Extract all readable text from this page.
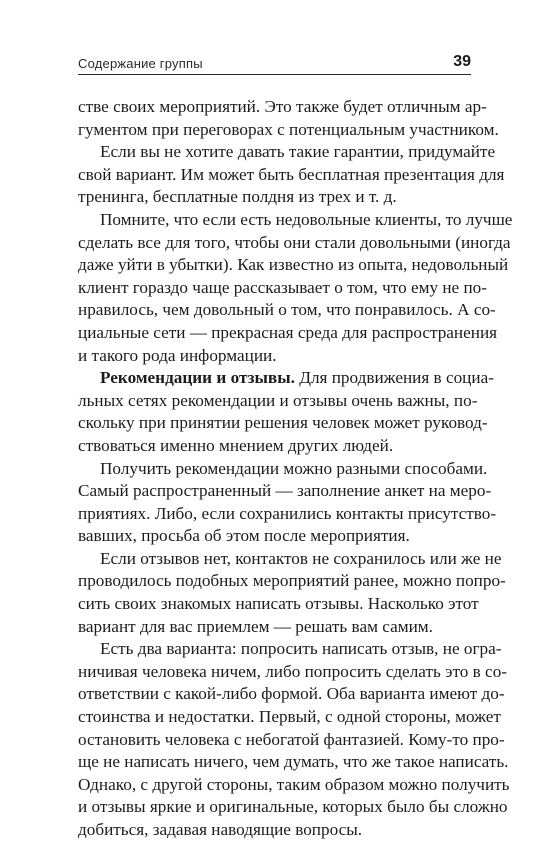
Содержание группы	39
стве своих мероприятий. Это также будет отличным ар-
гументом при переговорах с потенциальным участником.
Если вы не хотите давать такие гарантии, придумайте
свой вариант. Им может быть бесплатная презентация для
тренинга, бесплатные полдня из трех и т. д.
Помните, что если есть недовольные клиенты, то лучше
сделать все для того, чтобы они стали довольными (иногда
даже уйти в убытки). Как известно из опыта, недовольный
клиент гораздо чаще рассказывает о том, что ему не по-
нравилось, чем довольный о том, что понравилось. А со-
циальные сети — прекрасная среда для распространения
и такого рода информации.
Рекомендации и отзывы. Для продвижения в социа-
льных сетях рекомендации и отзывы очень важны, по-
скольку при принятии решения человек может руковод-
ствоваться именно мнением других людей.
Получить рекомендации можно разными способами.
Самый распространенный — заполнение анкет на меро-
приятиях. Либо, если сохранились контакты присутство-
вавших, просьба об этом после мероприятия.
Если отзывов нет, контактов не сохранилось или же не
проводилось подобных мероприятий ранее, можно попро-
сить своих знакомых написать отзывы. Насколько этот
вариант для вас приемлем — решать вам самим.
Есть два варианта: попросить написать отзыв, не огра-
ничивая человека ничем, либо попросить сделать это в со-
ответствии с какой-либо формой. Оба варианта имеют до-
стоинства и недостатки. Первый, с одной стороны, может
остановить человека с небогатой фантазией. Кому-то про-
ще не написать ничего, чем думать, что же такое написать.
Однако, с другой стороны, таким образом можно получить
и отзывы яркие и оригинальные, которых было бы сложно
добиться, задавая наводящие вопросы.
